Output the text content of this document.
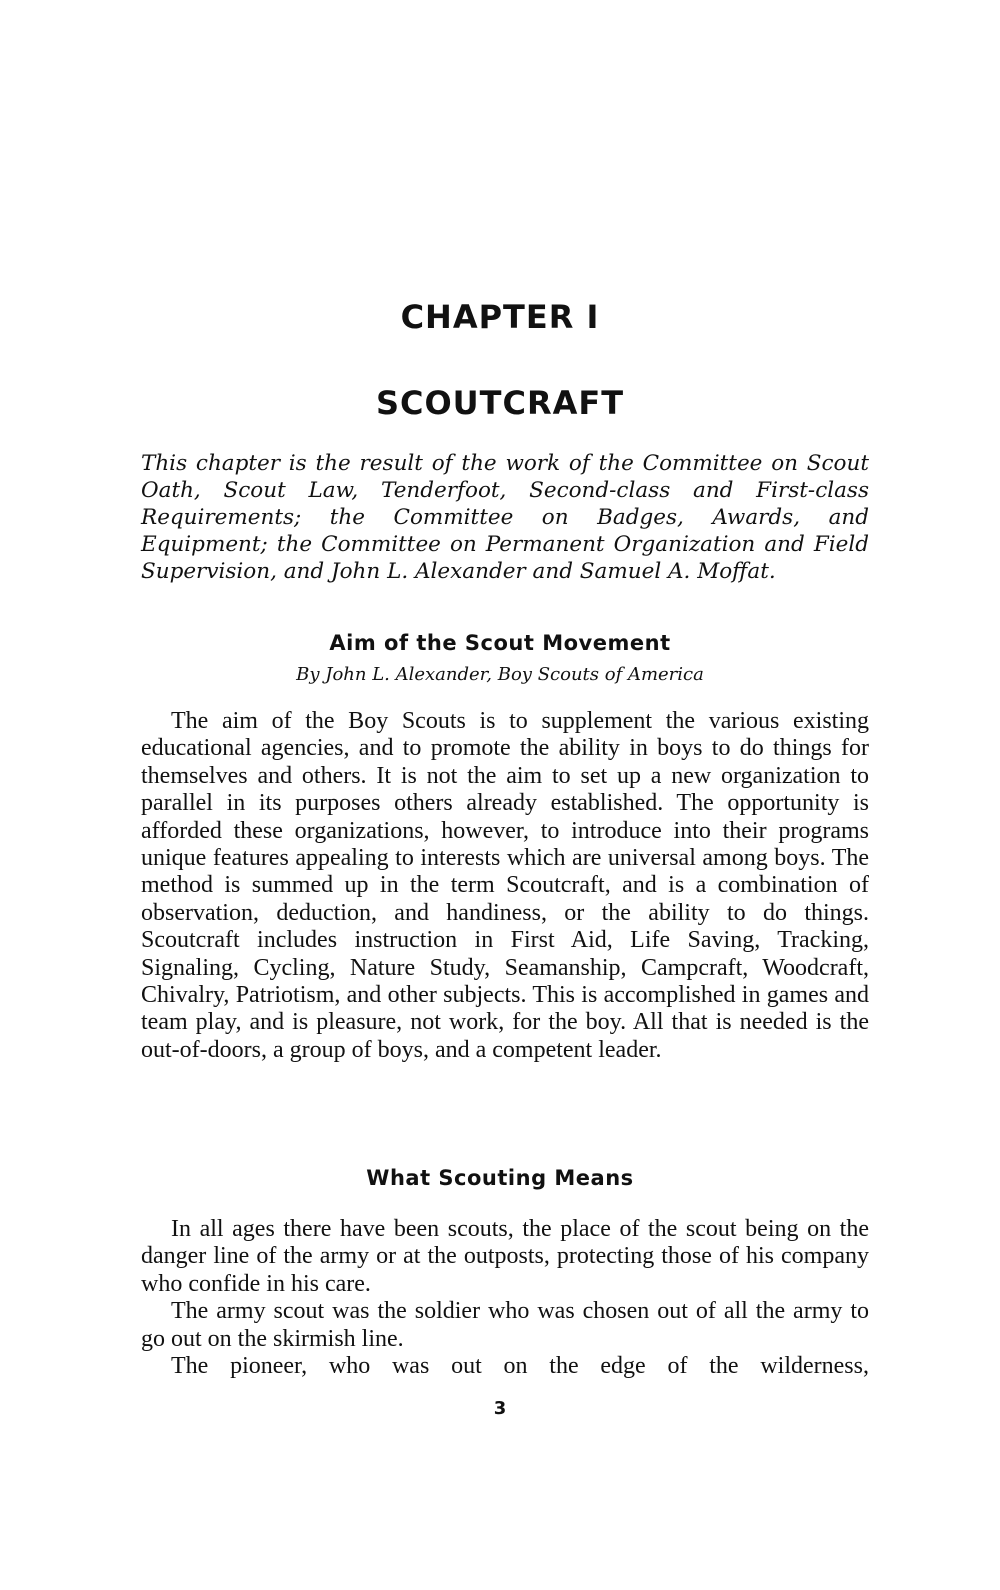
CHAPTER I
SCOUTCRAFT
This chapter is the result of the work of the Committee on Scout Oath, Scout Law, Tenderfoot, Second-class and First-class Requirements; the Committee on Badges, Awards, and Equipment; the Committee on Permanent Organization and Field Supervision, and John L. Alexander and Samuel A. Moffat.
Aim of the Scout Movement
By John L. Alexander, Boy Scouts of America

The aim of the Boy Scouts is to supplement the various existing educational agencies, and to promote the ability in boys to do things for themselves and others. It is not the aim to set up a new organization to parallel in its purposes others already established. The opportunity is afforded these organizations, however, to introduce into their programs unique features appealing to interests which are universal among boys. The method is summed up in the term Scoutcraft, and is a combination of observation, deduction, and handiness, or the ability to do things. Scoutcraft includes instruction in First Aid, Life Saving, Tracking, Signaling, Cycling, Nature Study, Seamanship, Campcraft, Woodcraft, Chivalry, Patriotism, and other subjects. This is accomplished in games and team play, and is pleasure, not work, for the boy. All that is needed is the out-of-doors, a group of boys, and a competent leader.

What Scouting Means

In all ages there have been scouts, the place of the scout being on the danger line of the army or at the outposts, protecting those of his company who confide in his care.

The army scout was the soldier who was chosen out of all the army to go out on the skirmish line.

The pioneer, who was out on the edge of the wilderness,

3
